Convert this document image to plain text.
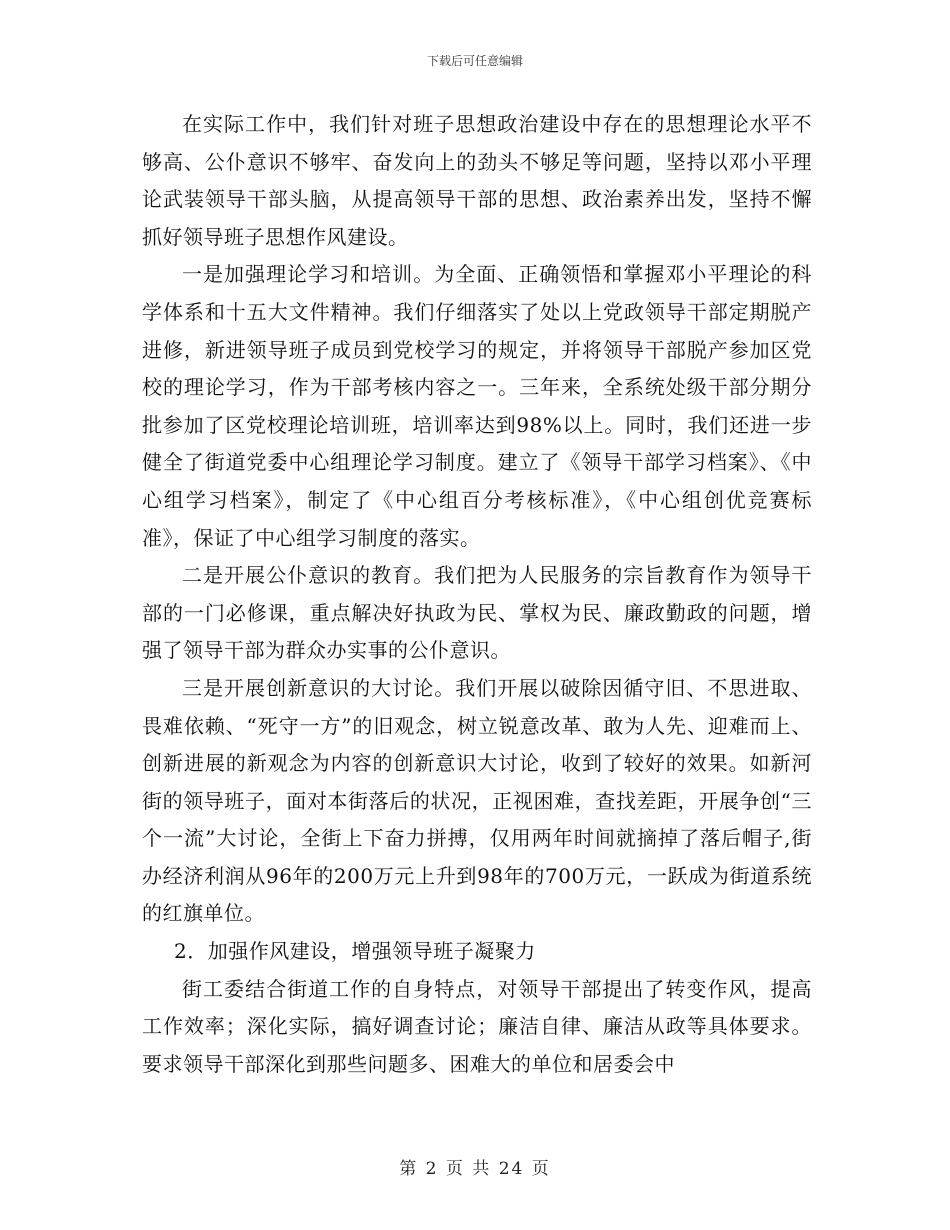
下载后可任意编辑

在实际工作中，我们针对班子思想政治建设中存在的思想理论水平不够高、公仆意识不够牢、奋发向上的劲头不够足等问题，坚持以邓小平理论武装领导干部头脑，从提高领导干部的思想、政治素养出发，坚持不懈抓好领导班子思想作风建设。

一是加强理论学习和培训。为全面、正确领悟和掌握邓小平理论的科学体系和十五大文件精神。我们仔细落实了处以上党政领导干部定期脱产进修，新进领导班子成员到党校学习的规定，并将领导干部脱产参加区党校的理论学习，作为干部考核内容之一。三年来，全系统处级干部分期分批参加了区党校理论培训班，培训率达到98%以上。同时，我们还进一步健全了街道党委中心组理论学习制度。建立了《领导干部学习档案》、《中心组学习档案》，制定了《中心组百分考核标准》，《中心组创优竞赛标准》，保证了中心组学习制度的落实。

二是开展公仆意识的教育。我们把为人民服务的宗旨教育作为领导干部的一门必修课，重点解决好执政为民、掌权为民、廉政勤政的问题，增强了领导干部为群众办实事的公仆意识。

三是开展创新意识的大讨论。我们开展以破除因循守旧、不思进取、畏难依赖、“死守一方”的旧观念，树立锐意改革、敢为人先、迎难而上、创新进展的新观念为内容的创新意识大讨论，收到了较好的效果。如新河街的领导班子，面对本街落后的状况，正视困难，查找差距，开展争创“三个一流”大讨论，全街上下奋力拼搏，仅用两年时间就摘掉了落后帽子,街办经济利润从96年的200万元上升到98年的700万元，一跃成为街道系统的红旗单位。

2．加强作风建设，增强领导班子凝聚力

街工委结合街道工作的自身特点，对领导干部提出了转变作风，提高工作效率；深化实际，搞好调查讨论；廉洁自律、廉洁从政等具体要求。要求领导干部深化到那些问题多、困难大的单位和居委会中

第 2 页 共 24 页
